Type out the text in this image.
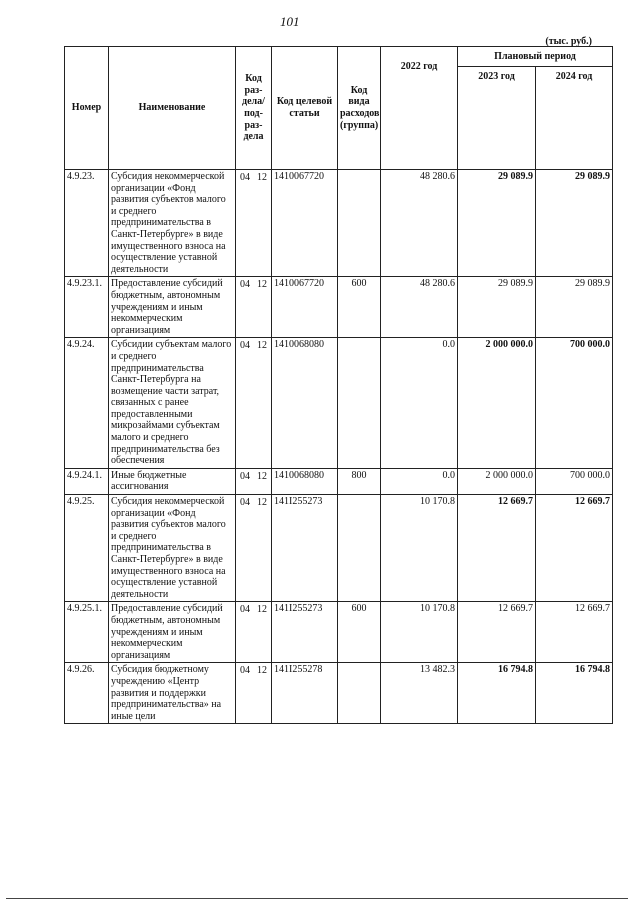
101
(тыс. руб.)
Номер	Наименование	Код раз- дела/ под- раз- дела	Код целевой статьи	Код вида расходов (группа)	2022 год	Плановый период	
						2023 год	2024 год
4.9.23.	Субсидия некоммерческой организации «Фонд развития субъектов малого и среднего предпринимательства в Санкт-Петербурге» в виде имущественного взноса на осуществление уставной деятельности	04 12	1410067720		48 280.6	29 089.9	29 089.9
4.9.23.1.	Предоставление субсидий бюджетным, автономным учреждениям и иным некоммерческим организациям	04 12	1410067720	600	48 280.6	29 089.9	29 089.9
4.9.24.	Субсидии субъектам малого и среднего предпринимательства Санкт-Петербурга на возмещение части затрат, связанных с ранее предоставленными микрозаймами субъектам малого и среднего предпринимательства без обеспечения	04 12	1410068080		0.0	2 000 000.0	700 000.0
4.9.24.1.	Иные бюджетные ассигнования	04 12	1410068080	800	0.0	2 000 000.0	700 000.0
4.9.25.	Субсидия некоммерческой организации «Фонд развития субъектов малого и среднего предпринимательства в Санкт-Петербурге» в виде имущественного взноса на осуществление уставной деятельности	04 12	141I255273		10 170.8	12 669.7	12 669.7
4.9.25.1.	Предоставление субсидий бюджетным, автономным учреждениям и иным некоммерческим организациям	04 12	141I255273	600	10 170.8	12 669.7	12 669.7
4.9.26.	Субсидия бюджетному учреждению «Центр развития и поддержки предпринимательства» на иные цели	04 12	141I255278		13 482.3	16 794.8	16 794.8
